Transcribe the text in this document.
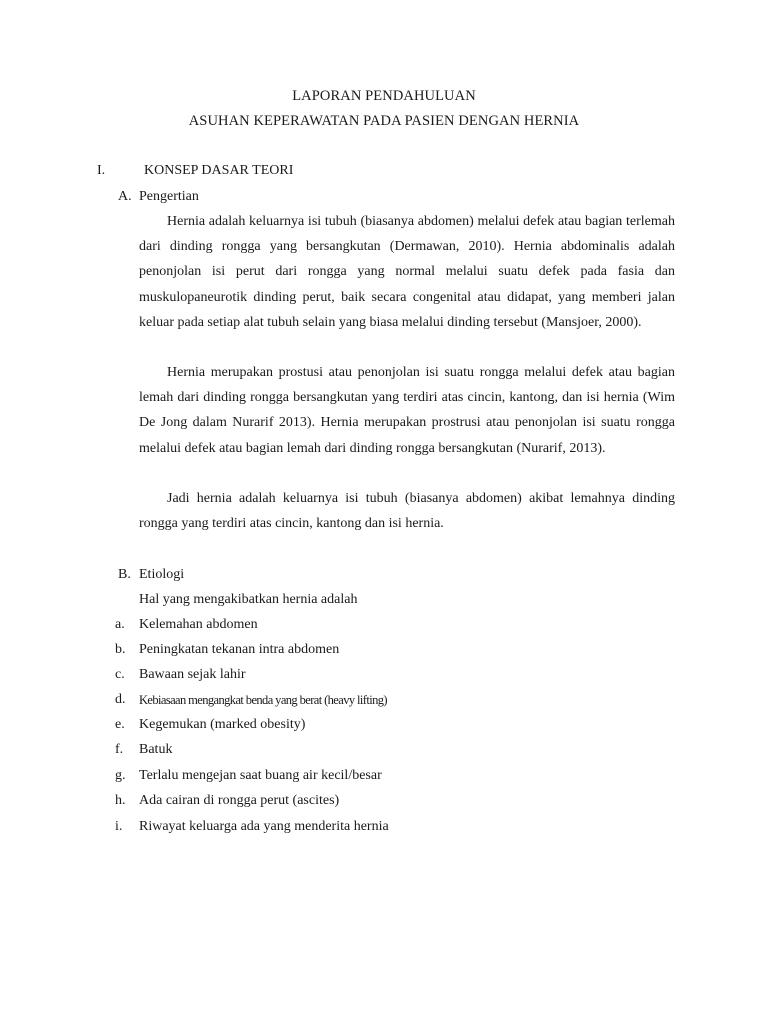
LAPORAN PENDAHULUAN
ASUHAN KEPERAWATAN PADA PASIEN DENGAN HERNIA
I.	KONSEP DASAR TEORI
A. Pengertian

Hernia adalah keluarnya isi tubuh (biasanya abdomen) melalui defek atau bagian terlemah dari dinding rongga yang bersangkutan (Dermawan, 2010). Hernia abdominalis adalah penonjolan isi perut dari rongga yang normal melalui suatu defek pada fasia dan muskulopaneurotik dinding perut, baik secara congenital atau didapat, yang memberi jalan keluar pada setiap alat tubuh selain yang biasa melalui dinding tersebut (Mansjoer, 2000).

Hernia merupakan prostusi atau penonjolan isi suatu rongga melalui defek atau bagian lemah dari dinding rongga bersangkutan yang terdiri atas cincin, kantong, dan isi hernia (Wim De Jong dalam Nurarif 2013). Hernia merupakan prostrusi atau penonjolan isi suatu rongga melalui defek atau bagian lemah dari dinding rongga bersangkutan (Nurarif, 2013).

Jadi hernia adalah keluarnya isi tubuh (biasanya abdomen) akibat lemahnya dinding rongga yang terdiri atas cincin, kantong dan isi hernia.

B. Etiologi
Hal yang mengakibatkan hernia adalah
a. Kelemahan abdomen
b. Peningkatan tekanan intra abdomen
c. Bawaan sejak lahir
d. Kebiasaan mengangkat benda yang berat (heavy lifting)
e. Kegemukan (marked obesity)
f. Batuk
g. Terlalu mengejan saat buang air kecil/besar
h. Ada cairan di rongga perut (ascites)
i. Riwayat keluarga ada yang menderita hernia
